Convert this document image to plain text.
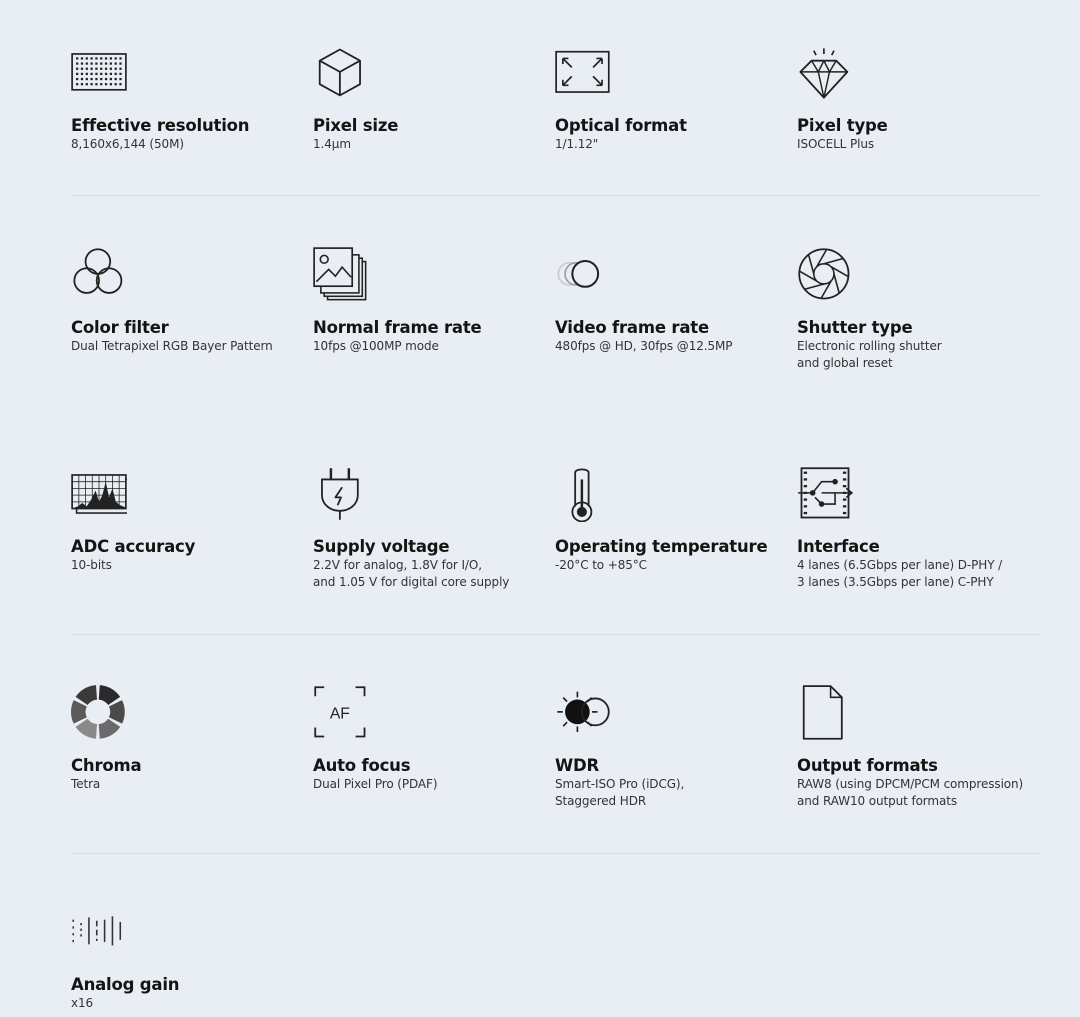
Effective resolution
8,160x6,144 (50M)
Pixel size
1.4μm
Optical format
1/1.12"
Pixel type
ISOCELL Plus
Color filter
Dual Tetrapixel RGB Bayer Pattern
Normal frame rate
10fps @100MP mode
Video frame rate
480fps @ HD, 30fps @12.5MP
Shutter type
Electronic rolling shutter
and global reset
ADC accuracy
10-bits
Supply voltage
2.2V for analog, 1.8V for I/O,
and 1.05 V for digital core supply
Operating temperature
-20°C to +85°C
Interface
4 lanes (6.5Gbps per lane) D-PHY /
3 lanes (3.5Gbps per lane) C-PHY
Chroma
Tetra
AF
Auto focus
Dual Pixel Pro (PDAF)
WDR
Smart-ISO Pro (iDCG),
Staggered HDR
Output formats
RAW8 (using DPCM/PCM compression)
and RAW10 output formats
Analog gain
x16
